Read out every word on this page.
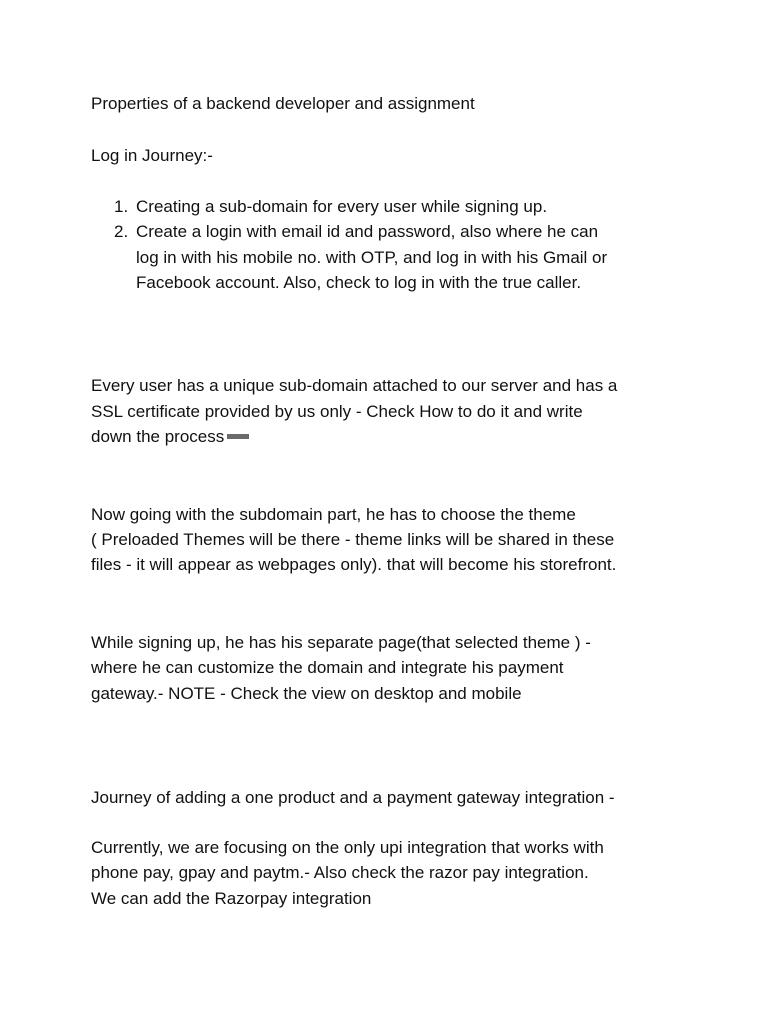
Properties of a backend developer and assignment
Log in Journey:-
1. Creating a sub-domain for every user while signing up.
2. Create a login with email id and password, also where he can
log in with his mobile no. with OTP, and log in with his Gmail or
Facebook account. Also, check to log in with the true caller.
Every user has a unique sub-domain attached to our server and has a
SSL certificate provided by us only - Check How to do it and write
down the process
Now going with the subdomain part, he has to choose the theme
( Preloaded Themes will be there - theme links will be shared in these
files - it will appear as webpages only). that will become his storefront.
While signing up, he has his separate page(that selected theme ) -
where he can customize the domain and integrate his payment
gateway.- NOTE - Check the view on desktop and mobile
Journey of adding a one product and a payment gateway integration -
Currently, we are focusing on the only upi integration that works with
phone pay, gpay and paytm.- Also check the razor pay integration.
We can add the Razorpay integration
